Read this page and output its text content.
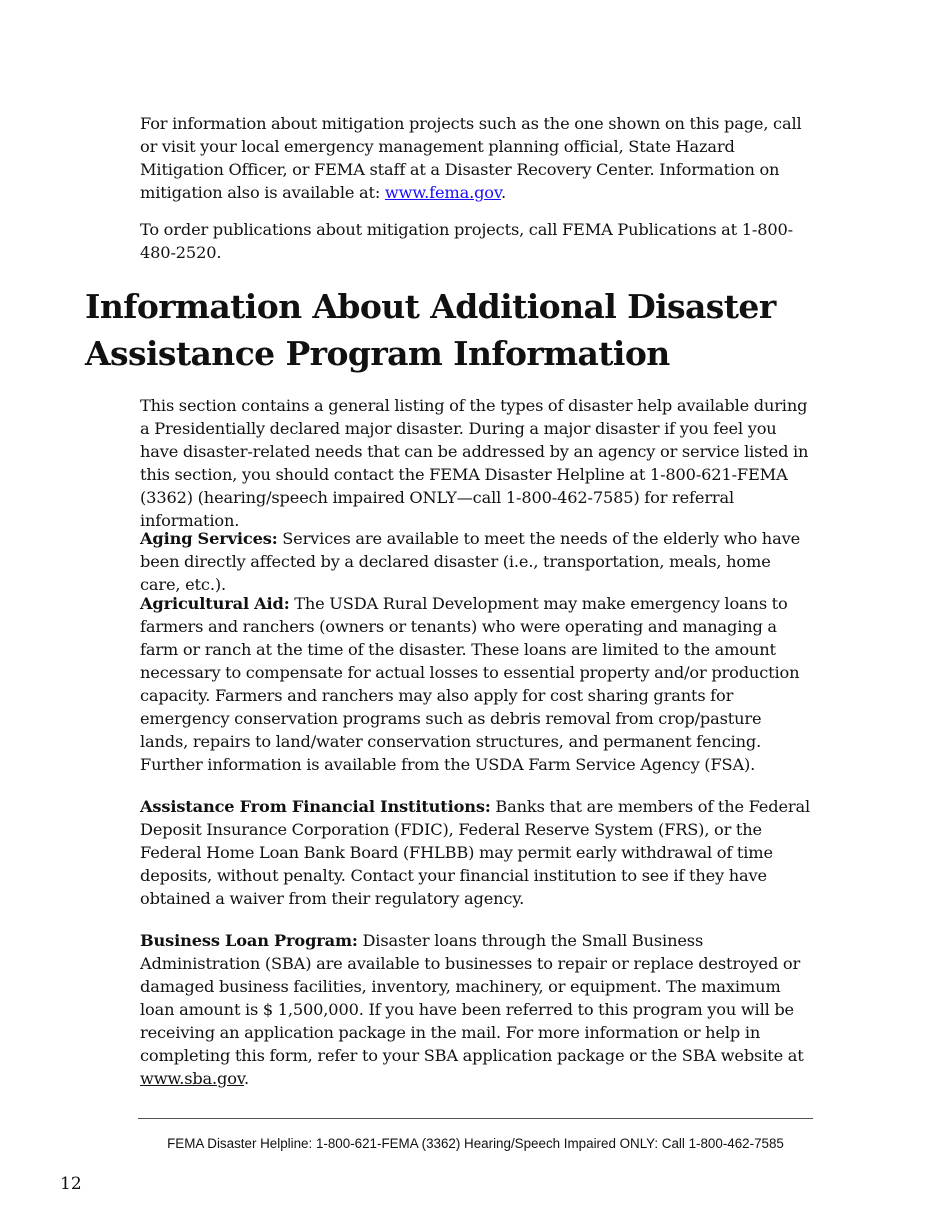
For information about mitigation projects such as the one shown on this page, call or visit your local emergency management planning official, State Hazard Mitigation Officer, or FEMA staff at a Disaster Recovery Center. Information on mitigation also is available at: www.fema.gov.

To order publications about mitigation projects, call FEMA Publications at 1-800-480-2520.

Information About Additional Disaster Assistance Program Information

This section contains a general listing of the types of disaster help available during a Presidentially declared major disaster. During a major disaster if you feel you have disaster-related needs that can be addressed by an agency or service listed in this section, you should contact the FEMA Disaster Helpline at 1-800-621-FEMA (3362) (hearing/speech impaired ONLY—call 1-800-462-7585) for referral information.

Aging Services: Services are available to meet the needs of the elderly who have been directly affected by a declared disaster (i.e., transportation, meals, home care, etc.).

Agricultural Aid: The USDA Rural Development may make emergency loans to farmers and ranchers (owners or tenants) who were operating and managing a farm or ranch at the time of the disaster. These loans are limited to the amount necessary to compensate for actual losses to essential property and/or production capacity. Farmers and ranchers may also apply for cost sharing grants for emergency conservation programs such as debris removal from crop/pasture lands, repairs to land/water conservation structures, and permanent fencing. Further information is available from the USDA Farm Service Agency (FSA).

Assistance From Financial Institutions: Banks that are members of the Federal Deposit Insurance Corporation (FDIC), Federal Reserve System (FRS), or the Federal Home Loan Bank Board (FHLBB) may permit early withdrawal of time deposits, without penalty. Contact your financial institution to see if they have obtained a waiver from their regulatory agency.

Business Loan Program: Disaster loans through the Small Business Administration (SBA) are available to businesses to repair or replace destroyed or damaged business facilities, inventory, machinery, or equipment. The maximum loan amount is $ 1,500,000. If you have been referred to this program you will be receiving an application package in the mail. For more information or help in completing this form, refer to your SBA application package or the SBA website at www.sba.gov.

FEMA Disaster Helpline: 1-800-621-FEMA (3362) Hearing/Speech Impaired ONLY: Call 1-800-462-7585
12
